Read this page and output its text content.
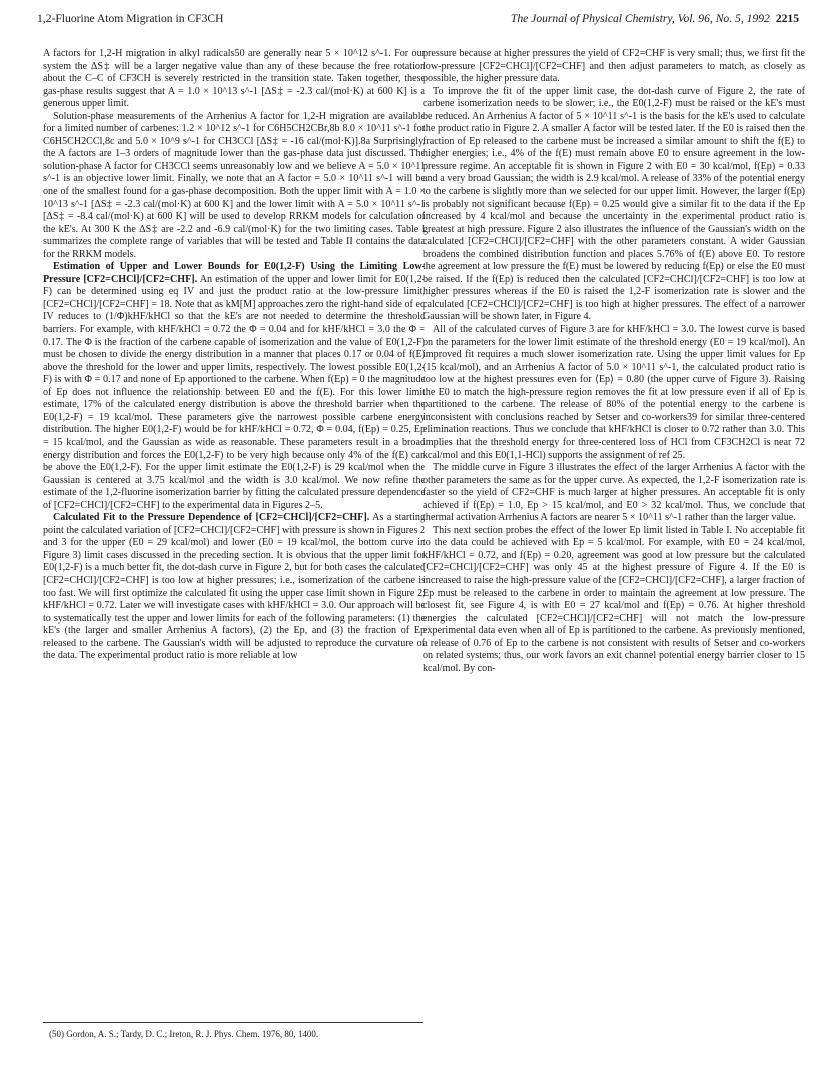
1,2-Fluorine Atom Migration in CF3CH	The Journal of Physical Chemistry, Vol. 96, No. 5, 1992 2215

A factors for 1,2-H migration in alkyl radicals50 are generally near 5 × 10^12 s^-1. For our system the ΔS‡ will be a larger negative value than any of these because the free rotation about the C–C of CF3CH is severely restricted in the transition state. Taken together, these gas-phase results suggest that A = 1.0 × 10^13 s^-1 [ΔS‡ = -2.3 cal/(mol·K) at 600 K] is a generous upper limit.

Solution-phase measurements of the Arrhenius A factor for 1,2-H migration are available for a limited number of carbenes: 1.2 × 10^12 s^-1 for C6H5CH2CBr,8b 8.0 × 10^11 s^-1 for C6H5CH2CCl,8c and 5.0 × 10^9 s^-1 for CH3CCl [ΔS‡ = -16 cal/(mol·K)].8a Surprisingly, the A factors are 1–3 orders of magnitude lower than the gas-phase data just discussed. The solution-phase A factor for CH3CCl seems unreasonably low and we believe A = 5.0 × 10^11 s^-1 is an objective lower limit. Finally, we note that an A factor = 5.0 × 10^11 s^-1 will be one of the smallest found for a gas-phase decomposition. Both the upper limit with A = 1.0 × 10^13 s^-1 [ΔS‡ = -2.3 cal/(mol·K) at 600 K] and the lower limit with A = 5.0 × 10^11 s^-1 [ΔS‡ = -8.4 cal/(mol·K) at 600 K] will be used to develop RRKM models for calculation of the kE's. At 300 K the ΔS‡ are -2.2 and -6.9 cal/(mol·K) for the two limiting cases. Table I summarizes the complete range of variables that will be tested and Table II contains the data for the RRKM models.

Estimation of Upper and Lower Bounds for E0(1,2-F) Using the Limiting Low-Pressure [CF2=CHCl]/[CF2=CHF]. An estimation of the upper and lower limit for E0(1,2-F) can be determined using eq IV and just the product ratio at the low-pressure limit, [CF2=CHCl]/[CF2=CHF] = 18. Note that as kM[M] approaches zero the right-hand side of eq IV reduces to (1/Φ)kHF/kHCl so that the kE's are not needed to determine the threshold barriers. For example, with kHF/kHCl = 0.72 the Φ = 0.04 and for kHF/kHCl = 3.0 the Φ = 0.17. The Φ is the fraction of the carbene capable of isomerization and the value of E0(1,2-F) must be chosen to divide the energy distribution in a manner that places 0.17 or 0.04 of f(E) above the threshold for the lower and upper limits, respectively. The lowest possible E0(1,2-F) is with Φ = 0.17 and none of Ep apportioned to the carbene. When f(Ep) = 0 the magnitude of Ep does not influence the relationship between E0 and the f(E). For this lower limit estimate, 17% of the calculated energy distribution is above the threshold barrier when the E0(1,2-F) = 19 kcal/mol. These parameters give the narrowest possible carbene energy distribution. The higher E0(1,2-F) would be for kHF/kHCl = 0.72, Φ = 0.04, f(Ep) = 0.25, Ep = 15 kcal/mol, and the Gaussian as wide as reasonable. These parameters result in a broad energy distribution and forces the E0(1,2-F) to be very high because only 4% of the f(E) can be above the E0(1,2-F). For the upper limit estimate the E0(1,2-F) is 29 kcal/mol when the Gaussian is centered at 3.75 kcal/mol and the width is 3.0 kcal/mol. We now refine the estimate of the 1,2-fluorine isomerization barrier by fitting the calculated pressure dependence of [CF2=CHCl]/[CF2=CHF] to the experimental data in Figures 2–5.

Calculated Fit to the Pressure Dependence of [CF2=CHCl]/[CF2=CHF]. As a starting point the calculated variation of [CF2=CHCl]/[CF2=CHF] with pressure is shown in Figures 2 and 3 for the upper (E0 = 29 kcal/mol) and lower (E0 = 19 kcal/mol, the bottom curve in Figure 3) limit cases discussed in the preceding section. It is obvious that the upper limit for E0(1,2-F) is a much better fit, the dot-dash curve in Figure 2, but for both cases the calculated [CF2=CHCl]/[CF2=CHF] is too low at higher pressures; i.e., isomerization of the carbene is too fast. We will first optimize the calculated fit using the upper case limit shown in Figure 2; kHF/kHCl = 0.72. Later we will investigate cases with kHF/kHCl = 3.0. Our approach will be to systematically test the upper and lower limits for each of the following parameters: (1) the kE's (the larger and smaller Arrhenius A factors), (2) the Ep, and (3) the fraction of Ep released to the carbene. The Gaussian's width will be adjusted to reproduce the curvature of the data. The experimental product ratio is more reliable at low

pressure because at higher pressures the yield of CF2=CHF is very small; thus, we first fit the low-pressure [CF2=CHCl]/[CF2=CHF] and then adjust parameters to match, as closely as possible, the higher pressure data.

To improve the fit of the upper limit case, the dot-dash curve of Figure 2, the rate of carbene isomerization needs to be slower; i.e., the E0(1,2-F) must be raised or the kE's must be reduced. An Arrhenius A factor of 5 × 10^11 s^-1 is the basis for the kE's used to calculate the product ratio in Figure 2. A smaller A factor will be tested later. If the E0 is raised then the fraction of Ep released to the carbene must be increased a similar amount to shift the f(E) to higher energies; i.e., 4% of the f(E) must remain above E0 to ensure agreement in the low-pressure regime. An acceptable fit is shown in Figure 2 with E0 = 30 kcal/mol, f(Ep) = 0.33 and a very broad Gaussian; the width is 2.9 kcal/mol. A release of 33% of the potential energy to the carbene is slightly more than we selected for our upper limit. However, the larger f(Ep) is probably not significant because f(Ep) = 0.25 would give a similar fit to the data if the Ep increased by 4 kcal/mol and because the uncertainty in the experimental product ratio is greatest at high pressure. Figure 2 also illustrates the influence of the Gaussian's width on the calculated [CF2=CHCl]/[CF2=CHF] with the other parameters constant. A wider Gaussian broadens the combined distribution function and places 5.76% of f(E) above E0. To restore the agreement at low pressure the f(E) must be lowered by reducing f(Ep) or else the E0 must be raised. If the f(Ep) is reduced then the calculated [CF2=CHCl]/[CF2=CHF] is too low at higher pressures whereas if the E0 is raised the 1,2-F isomerization rate is slower and the calculated [CF2=CHCl]/[CF2=CHF] is too high at higher pressures. The effect of a narrower Gaussian will be shown later, in Figure 4.

All of the calculated curves of Figure 3 are for kHF/kHCl = 3.0. The lowest curve is based on the parameters for the lower limit estimate of the threshold energy (E0 = 19 kcal/mol). An improved fit requires a much slower isomerization rate. Using the upper limit values for Ep (15 kcal/mol), and an Arrhenius A factor of 5.0 × 10^11 s^-1, the calculated product ratio is too low at the highest pressures even for ⟨Ep⟩ = 0.80 (the upper curve of Figure 3). Raising the E0 to match the high-pressure region removes the fit at low pressure even if all of Ep is partitioned to the carbene. The release of 80% of the potential energy to the carbene is inconsistent with conclusions reached by Setser and co-workers39 for similar three-centered elimination reactions. Thus we conclude that kHF/kHCl is closer to 0.72 rather than 3.0. This implies that the threshold energy for three-centered loss of HCl from CF3CH2Cl is near 72 kcal/mol and this E0(1,1-HCl) supports the assignment of ref 25.

The middle curve in Figure 3 illustrates the effect of the larger Arrhenius A factor with the other parameters the same as for the upper curve. As expected, the 1,2-F isomerization rate is faster so the yield of CF2=CHF is much larger at higher pressures. An acceptable fit is only achieved if f(Ep) = 1.0, Ep > 15 kcal/mol, and E0 > 32 kcal/mol. Thus, we conclude that thermal activation Arrhenius A factors are nearer 5 × 10^11 s^-1 rather than the larger value.

This next section probes the effect of the lower Ep limit listed in Table I. No acceptable fit to the data could be achieved with Ep = 5 kcal/mol. For example, with E0 = 24 kcal/mol, kHF/kHCl = 0.72, and f(Ep) = 0.20, agreement was good at low pressure but the calculated [CF2=CHCl]/[CF2=CHF] was only 45 at the highest pressure of Figure 4. If the E0 is increased to raise the high-pressure value of the [CF2=CHCl]/[CF2=CHF], a larger fraction of Ep must be released to the carbene in order to maintain the agreement at low pressure. The closest fit, see Figure 4, is with E0 = 27 kcal/mol and f(Ep) = 0.76. At higher threshold energies the calculated [CF2=CHCl]/[CF2=CHF] will not match the low-pressure experimental data even when all of Ep is partitioned to the carbene. As previously mentioned, a release of 0.76 of Ep to the carbene is not consistent with results of Setser and co-workers on related systems; thus, our work favors an exit channel potential energy barrier closer to 15 kcal/mol. By con-

(50) Gordon, A. S.; Tardy, D. C.; Ireton, R. J. Phys. Chem. 1976, 80, 1400.
